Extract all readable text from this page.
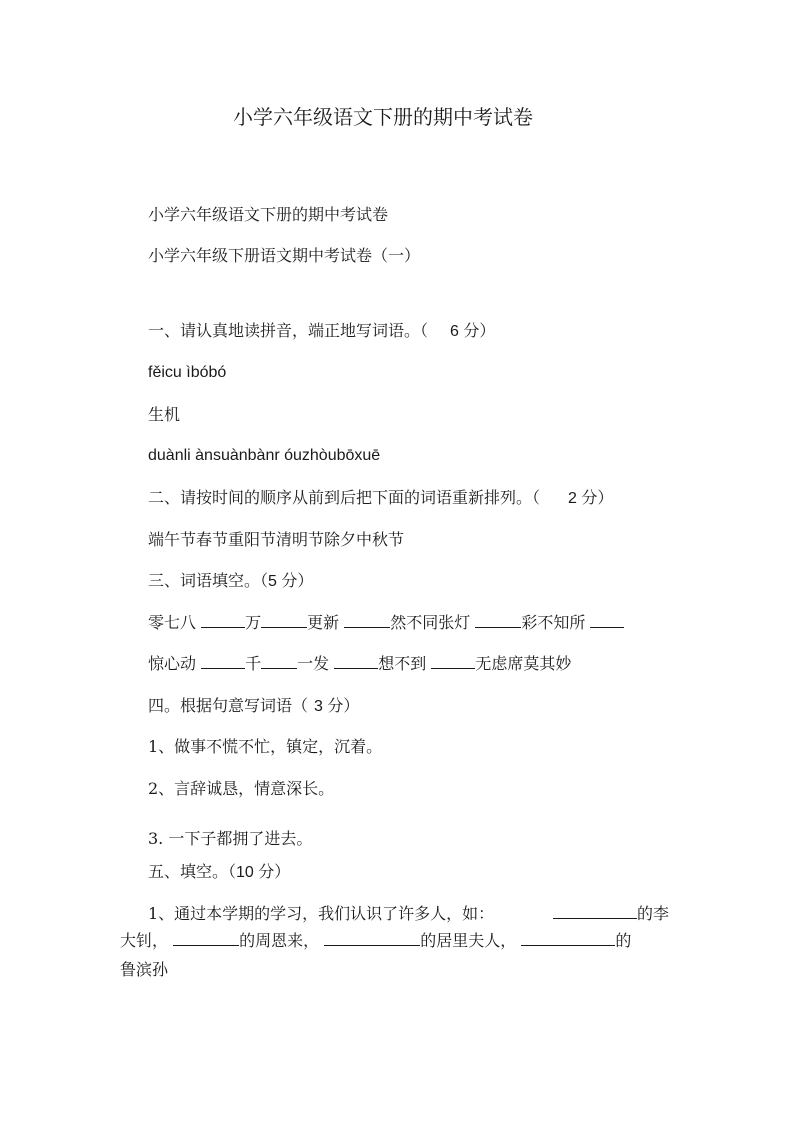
小学六年级语文下册的期中考试卷
小学六年级语文下册的期中考试卷
小学六年级下册语文期中考试卷（一）
一、请认真地读拼音，端正地写词语。（ 6 分）
fěicu ìbóbó
生机
duànli ànsuànbànr óuzhòubōxuē
二、请按时间的顺序从前到后把下面的词语重新排列。（ 2 分）
端午节春节重阳节清明节除夕中秋节
三、词语填空。（5 分）
零七八	万	更新	然不同张灯	彩不知所
惊心动	千 一发	想不到	无虑席莫其妙
四。根据句意写词语（ 3 分）
1、做事不慌不忙，镇定，沉着。
2、言辞诚恳，情意深长。
3. 一下子都拥了进去。
五、填空。（10 分）
1、通过本学期的学习，我们认识了许多人，如：	的李
大钊，	的周恩来，	的居里夫人，	的
鲁滨孙
